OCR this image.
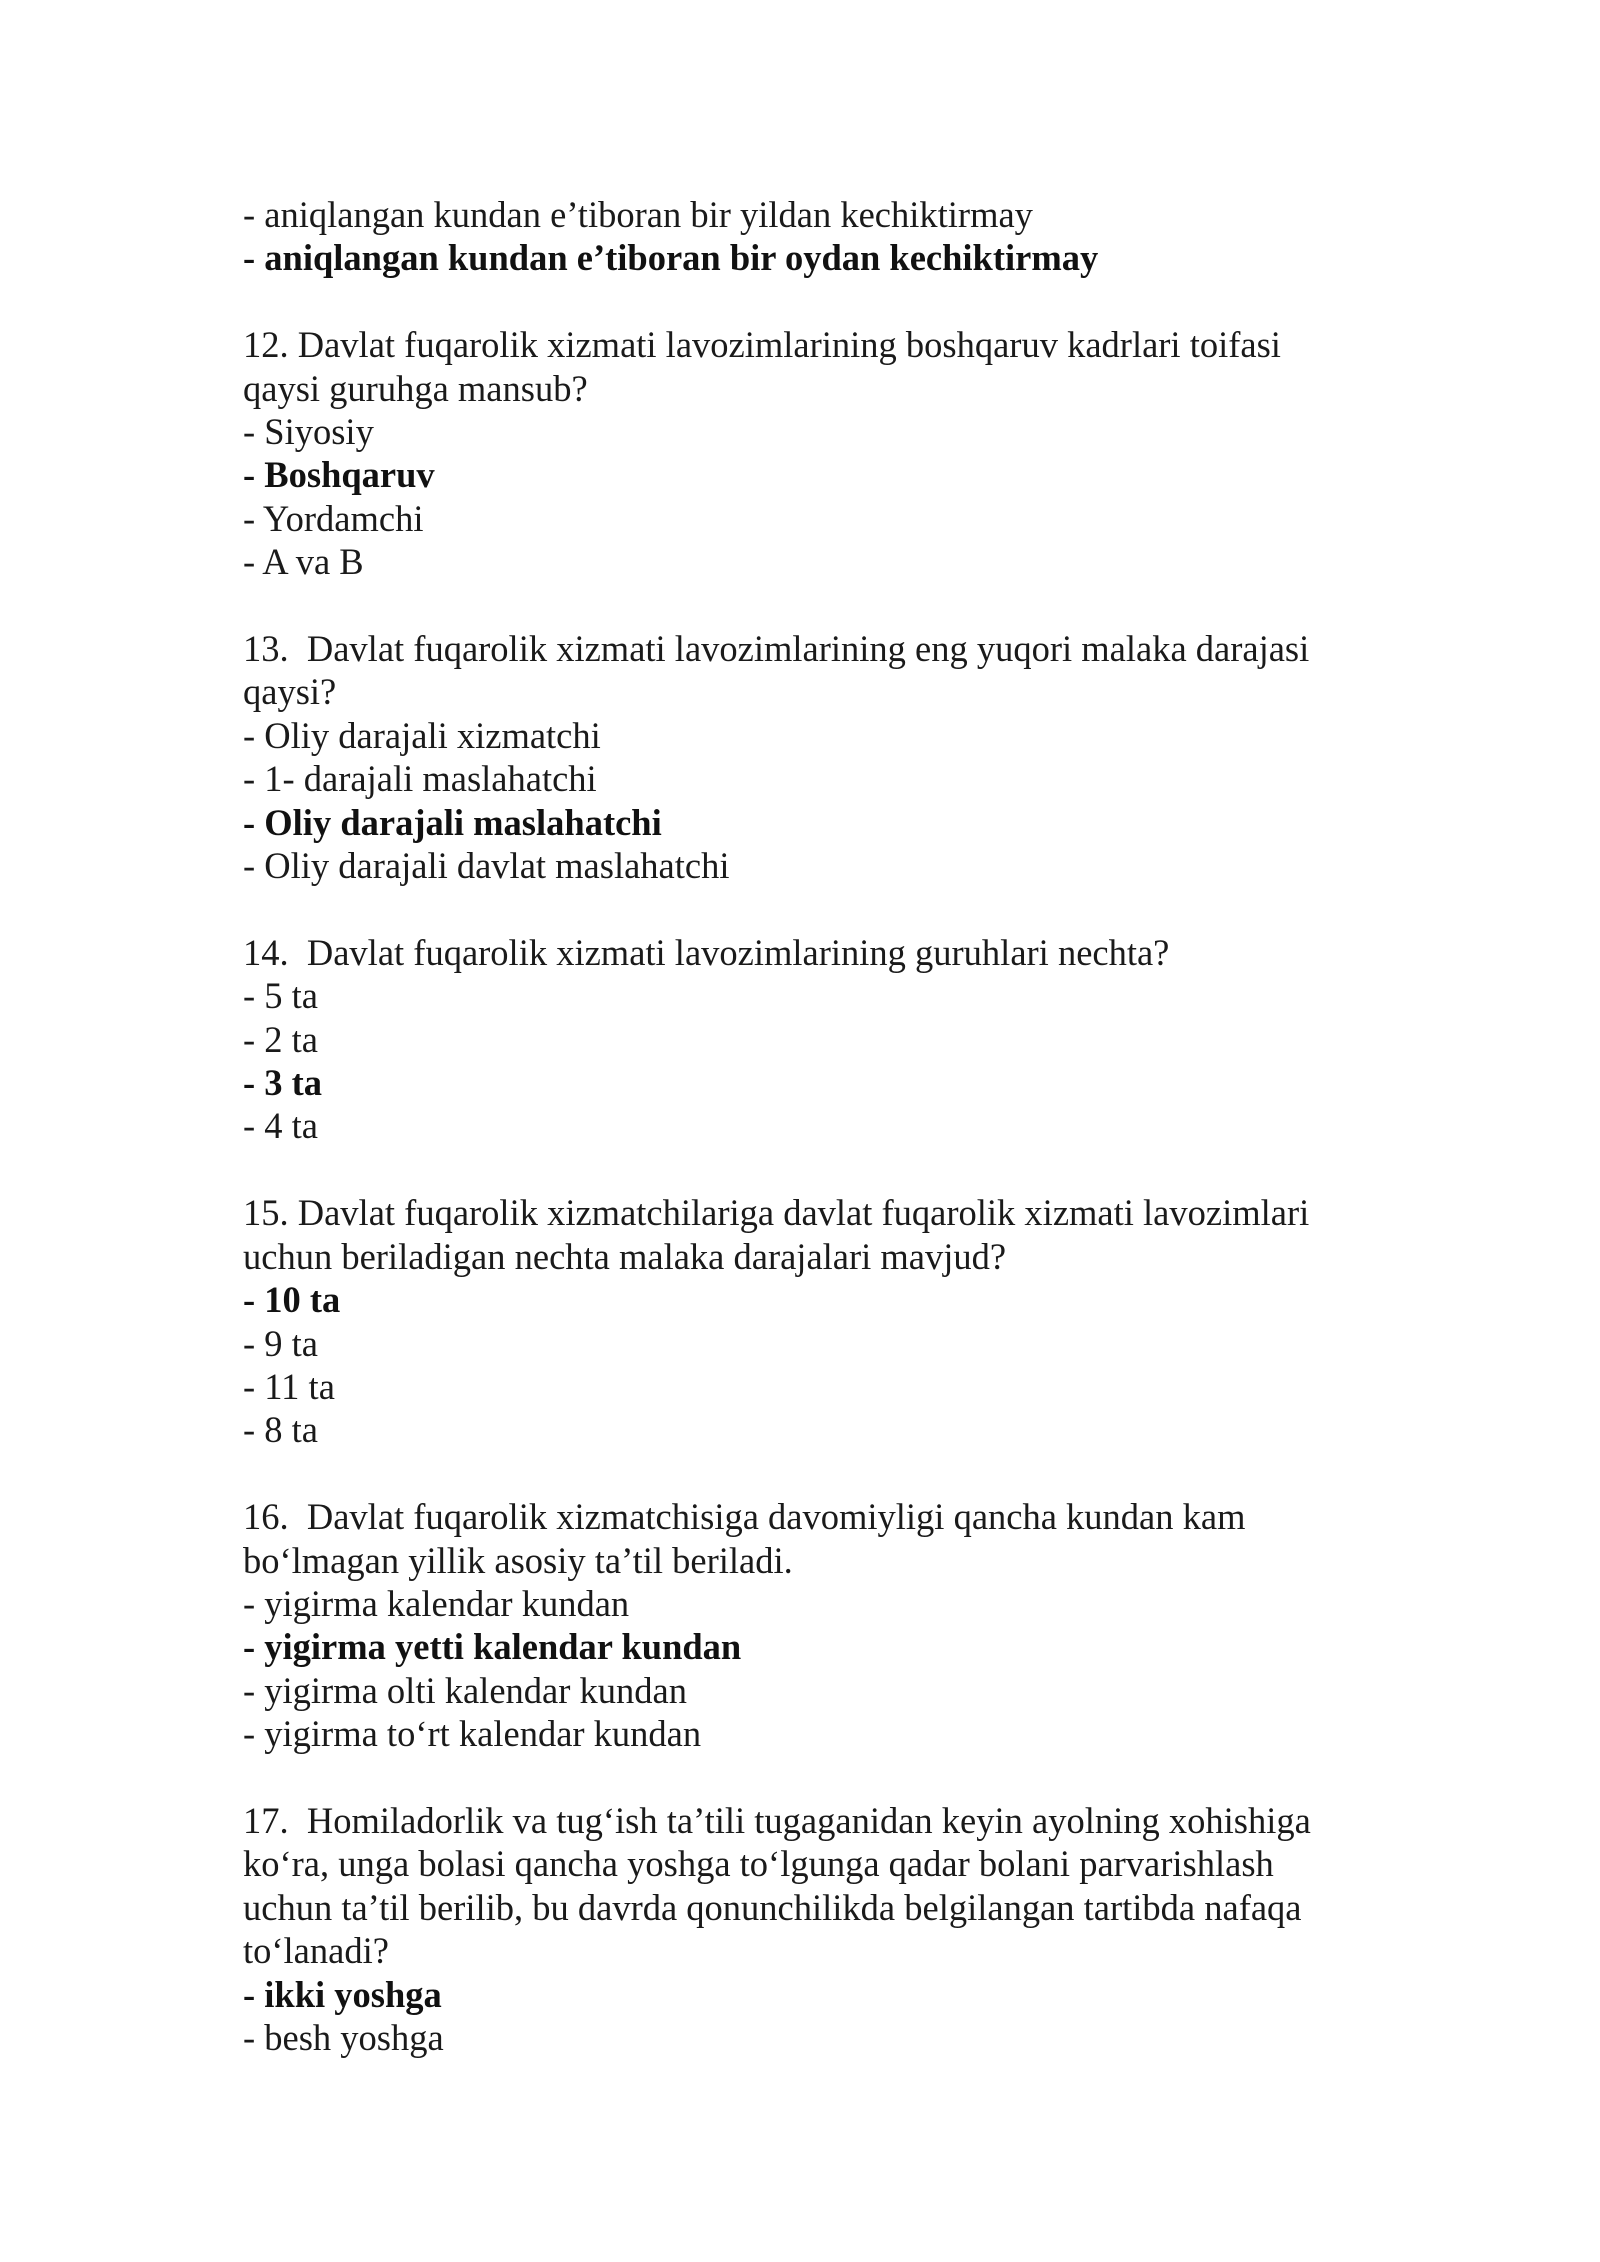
- aniqlangan kundan e’tiboran bir yildan kechiktirmay
- aniqlangan kundan e’tiboran bir oydan kechiktirmay
12. Davlat fuqarolik xizmati lavozimlarining boshqaruv kadrlari toifasi
qaysi guruhga mansub?
- Siyosiy
- Boshqaruv
- Yordamchi
- A va B
13.  Davlat fuqarolik xizmati lavozimlarining eng yuqori malaka darajasi
qaysi?
- Oliy darajali xizmatchi
- 1- darajali maslahatchi
- Oliy darajali maslahatchi
- Oliy darajali davlat maslahatchi
14.  Davlat fuqarolik xizmati lavozimlarining guruhlari nechta?
- 5 ta
- 2 ta
- 3 ta
- 4 ta
15. Davlat fuqarolik xizmatchilariga davlat fuqarolik xizmati lavozimlari
uchun beriladigan nechta malaka darajalari mavjud?
- 10 ta
- 9 ta
- 11 ta
- 8 ta
16.  Davlat fuqarolik xizmatchisiga davomiyligi qancha kundan kam
bo‘lmagan yillik asosiy ta’til beriladi.
- yigirma kalendar kundan
- yigirma yetti kalendar kundan
- yigirma olti kalendar kundan
- yigirma to‘rt kalendar kundan
17.  Homiladorlik va tug‘ish ta’tili tugaganidan keyin ayolning xohishiga
ko‘ra, unga bolasi qancha yoshga to‘lgunga qadar bolani parvarishlash
uchun ta’til berilib, bu davrda qonunchilikda belgilangan tartibda nafaqa
to‘lanadi?
- ikki yoshga
- besh yoshga
